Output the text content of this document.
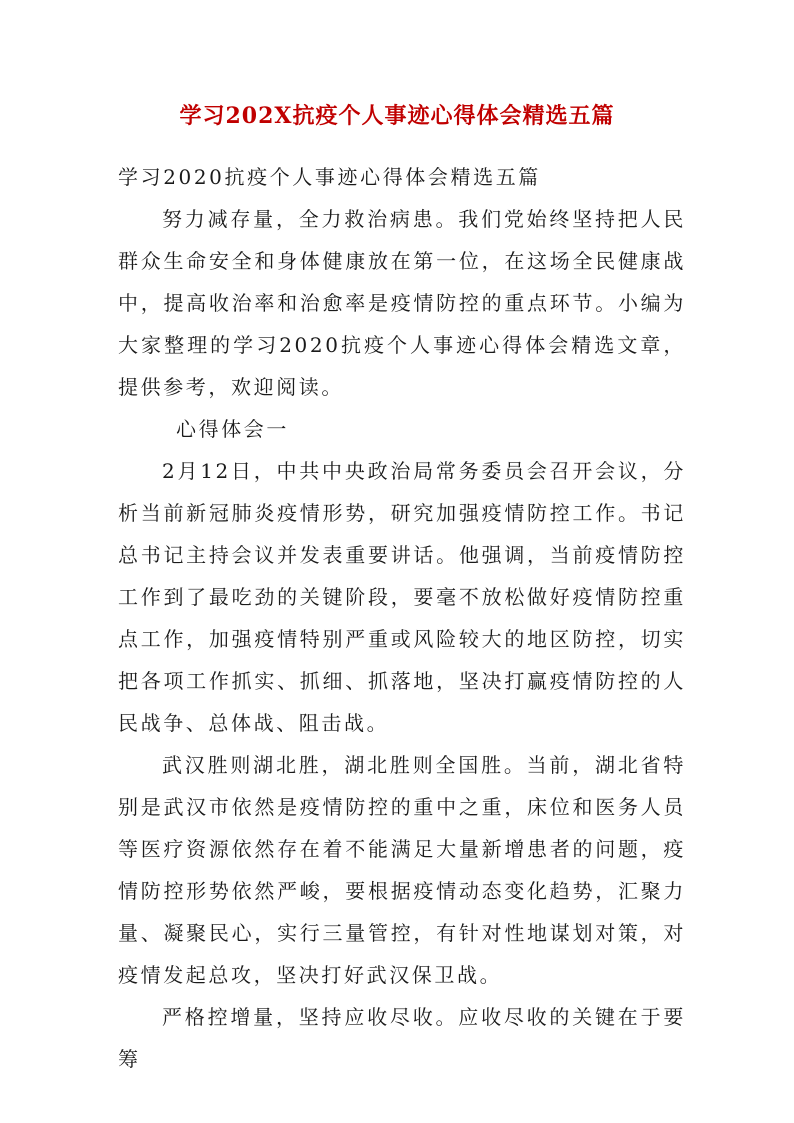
学习202X抗疫个人事迹心得体会精选五篇

学习2020抗疫个人事迹心得体会精选五篇

努力减存量，全力救治病患。我们党始终坚持把人民群众生命安全和身体健康放在第一位，在这场全民健康战中，提高收治率和治愈率是疫情防控的重点环节。小编为大家整理的学习2020抗疫个人事迹心得体会精选文章，提供参考，欢迎阅读。

心得体会一

2月12日，中共中央政治局常务委员会召开会议，分析当前新冠肺炎疫情形势，研究加强疫情防控工作。书记总书记主持会议并发表重要讲话。他强调，当前疫情防控工作到了最吃劲的关键阶段，要毫不放松做好疫情防控重点工作，加强疫情特别严重或风险较大的地区防控，切实把各项工作抓实、抓细、抓落地，坚决打赢疫情防控的人民战争、总体战、阻击战。

武汉胜则湖北胜，湖北胜则全国胜。当前，湖北省特别是武汉市依然是疫情防控的重中之重，床位和医务人员等医疗资源依然存在着不能满足大量新增患者的问题，疫情防控形势依然严峻，要根据疫情动态变化趋势，汇聚力量、凝聚民心，实行三量管控，有针对性地谋划对策，对疫情发起总攻，坚决打好武汉保卫战。

严格控增量，坚持应收尽收。应收尽收的关键在于要筹
